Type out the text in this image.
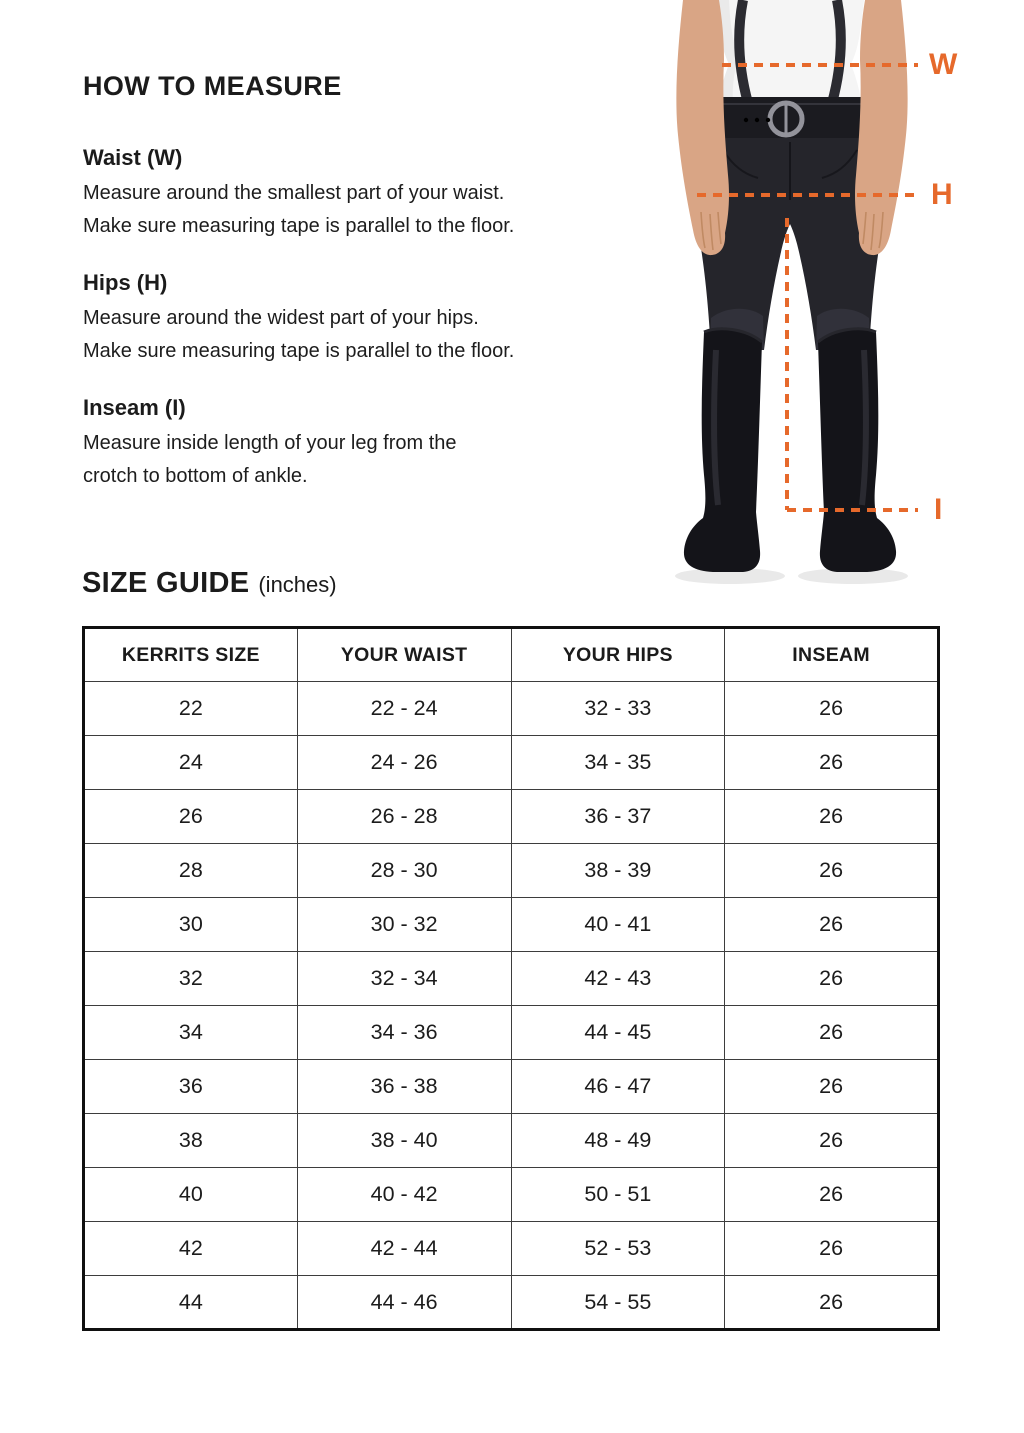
HOW TO MEASURE
Waist (W)

Measure around the smallest part of your waist.
Make sure measuring tape is parallel to the floor.

Hips (H)

Measure around the widest part of your hips.
Make sure measuring tape is parallel to the floor.

Inseam (I)

Measure inside length of your leg from the
crotch to bottom of ankle.

W
H
I
SIZE GUIDE (inches)
KERRITS SIZE	YOUR WAIST	YOUR HIPS	INSEAM
22	22 - 24	32 - 33	26
24	24 - 26	34 - 35	26
26	26 - 28	36 - 37	26
28	28 - 30	38 - 39	26
30	30 - 32	40 - 41	26
32	32 - 34	42 - 43	26
34	34 - 36	44 - 45	26
36	36 - 38	46 - 47	26
38	38 - 40	48 - 49	26
40	40 - 42	50 - 51	26
42	42 - 44	52 - 53	26
44	44 - 46	54 - 55	26
